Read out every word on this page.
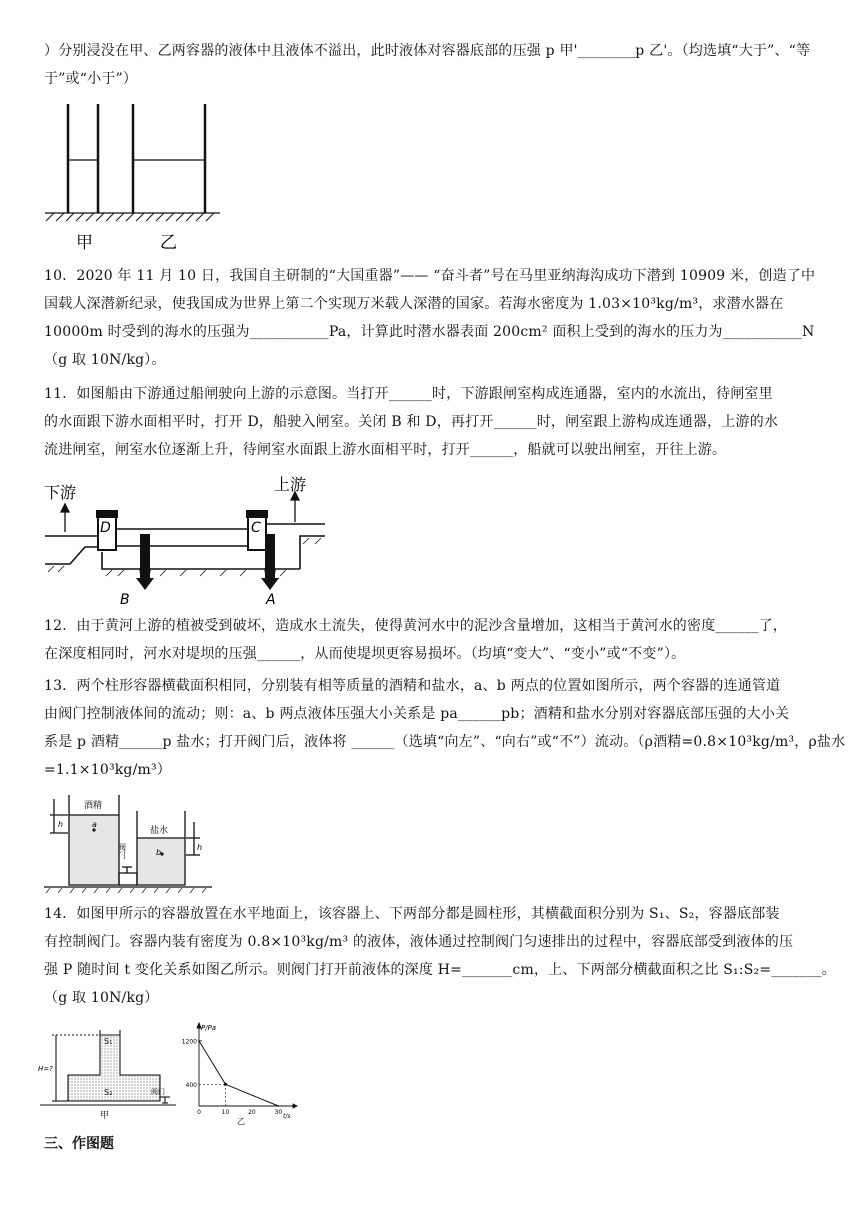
）分别浸没在甲、乙两容器的液体中且液体不溢出，此时液体对容器底部的压强 p 甲'________p 乙'。（均选填“大于”、“等
于”或“小于”）
甲	乙
10．2020 年 11 月 10 日，我国自主研制的“大国重器”—— “奋斗者”号在马里亚纳海沟成功下潜到 10909 米，创造了中
国载人深潜新纪录，使我国成为世界上第二个实现万米载人深潜的国家。若海水密度为 1.03×10³kg/m³，求潜水器在
10000m 时受到的海水的压强为___________Pa，计算此时潜水器表面 200cm² 面积上受到的海水的压力为___________N
（g 取 10N/kg）。
11．如图船由下游通过船闸驶向上游的示意图。当打开______时，下游跟闸室构成连通器，室内的水流出，待闸室里
的水面跟下游水面相平时，打开 D，船驶入闸室。关闭 B 和 D，再打开______时，闸室跟上游构成连通器，上游的水
流进闸室，闸室水位逐渐上升，待闸室水面跟上游水面相平时，打开______，船就可以驶出闸室，开往上游。
下游	上游
D	C
B	A
12．由于黄河上游的植被受到破坏，造成水土流失，使得黄河水中的泥沙含量增加，这相当于黄河水的密度______了，
在深度相同时，河水对堤坝的压强______，从而使堤坝更容易损坏。（均填“变大”、“变小”或“不变”）。
13．两个柱形容器横截面积相同，分别装有相等质量的酒精和盐水，a、b 两点的位置如图所示，两个容器的连通管道
由阀门控制液体间的流动；则：a、b 两点液体压强大小关系是 pa______pb；酒精和盐水分别对容器底部压强的大小关
系是 p 酒精______p 盐水；打开阀门后，液体将 ______（选填“向左”、“向右”或“不”）流动。（ρ酒精=0.8×10³kg/m³，ρ盐水
=1.1×10³kg/m³）
酒精
盐水
阀门
a
b
h
h
14．如图甲所示的容器放置在水平地面上，该容器上、下两部分都是圆柱形，其横截面积分别为 S₁、S₂，容器底部装
有控制阀门。容器内装有密度为 0.8×10³kg/m³ 的液体，液体通过控制阀门匀速排出的过程中，容器底部受到液体的压
强 P 随时间 t 变化关系如图乙所示。则阀门打开前液体的深度 H=_______cm，上、下两部分横截面积之比 S₁:S₂=_______。
（g 取 10N/kg）
H=?
S₁
S₂	阀门
甲
400
1200
0	10	20	30
P/Pa
t/s
乙
三、作图题
